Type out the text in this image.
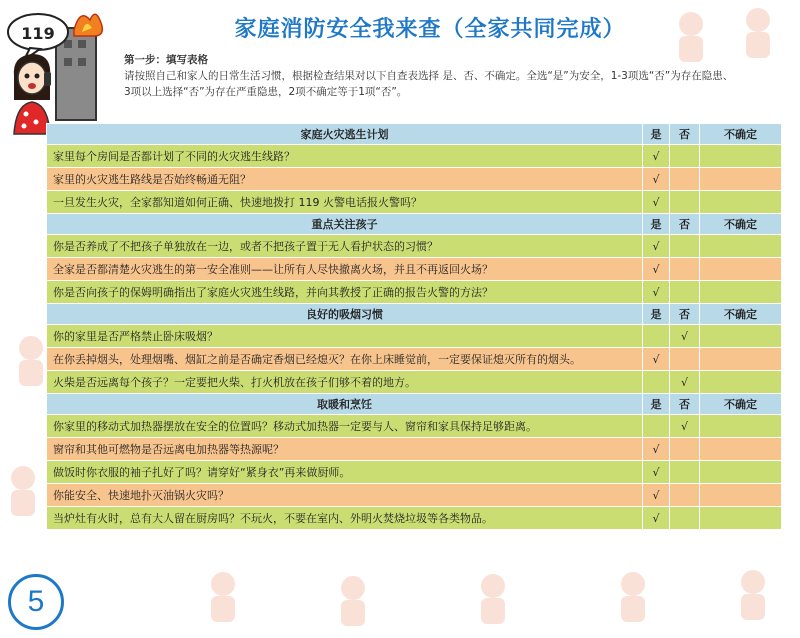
119	家庭消防安全我来查（全家共同完成）
第一步：填写表格
请按照自己和家人的日常生活习惯，根据检查结果对以下自查表选择 是、否、不确定。全选“是”为安全，1-3项选“否”为存在隐患、
3项以上选择“否”为存在严重隐患，2项不确定等于1项“否”。
家庭火灾逃生计划	是	否	不确定
家里每个房间是否都计划了不同的火灾逃生线路？	√		
家里的火灾逃生路线是否始终畅通无阻？	√		
一旦发生火灾，全家都知道如何正确、快速地拨打 119 火警电话报火警吗？	√		
重点关注孩子	是	否	不确定
你是否养成了不把孩子单独放在一边，或者不把孩子置于无人看护状态的习惯？	√		
全家是否都清楚火灾逃生的第一安全准则——让所有人尽快撤离火场，并且不再返回火场？	√		
你是否向孩子的保姆明确指出了家庭火灾逃生线路，并向其教授了正确的报告火警的方法？	√		
良好的吸烟习惯	是	否	不确定
你的家里是否严格禁止卧床吸烟？		√	
在你丢掉烟头，处理烟嘴、烟缸之前是否确定香烟已经熄灭？在你上床睡觉前，一定要保证熄灭所有的烟头。	√		
火柴是否远离每个孩子？一定要把火柴、打火机放在孩子们够不着的地方。		√	
取暖和烹饪	是	否	不确定
你家里的移动式加热器摆放在安全的位置吗？移动式加热器一定要与人、窗帘和家具保持足够距离。		√	
窗帘和其他可燃物是否远离电加热器等热源呢？	√		
做饭时你衣服的袖子扎好了吗？请穿好“紧身衣”再来做厨师。	√		
你能安全、快速地扑灭油锅火灾吗？	√		
当炉灶有火时，总有大人留在厨房吗？不玩火，不要在室内、外明火焚烧垃圾等各类物品。	√		
5
